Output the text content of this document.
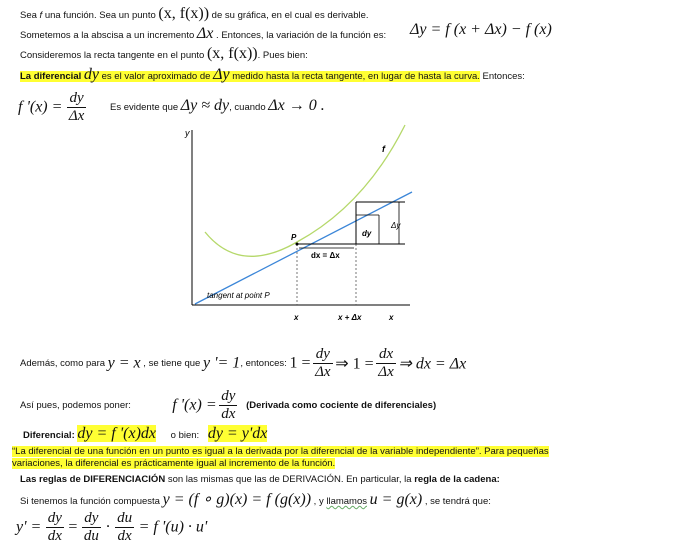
Sea f una función. Sea un punto (x, f(x)) de su gráfica, en el cual es derivable.
Sometemos a la abscisa a un incremento Δx . Entonces, la variación de la función es: Δy = f (x + Δx) − f (x)
Consideremos la recta tangente en el punto (x, f(x)). Pues bien:
La diferencial dy es el valor aproximado de Δy medido hasta la recta tangente, en lugar de hasta la curva. Entonces:
f '$(x) = \frac{dy}{\Delta x}$ Es evidente que Δy ≈ dy, cuando Δx → 0 .
y
f
dx = Δx
dy
Δy
P
tangent at point P
x	x + Δx	x
Además, como para y = x , se tiene que y '= 1, entonces: $1 = \frac{dy}{\Delta x}$ ⇒ $1 = \frac{dx}{\Delta x}$ ⇒ dx = Δx
Así pues, podemos poner:	f '$(x) = \frac{dy}{dx}$ (Derivada como cociente de diferenciales)
Diferencial: dy = f '(x)dx o bien: dy = y'dx
“La diferencial de una función en un punto es igual a la derivada por la diferencial de la variable independiente”. Para pequeñas variaciones, la diferencial es prácticamente igual al incremento de la función.
Las reglas de DIFERENCIACIÓN son las mismas que las de DERIVACIÓN. En particular, la regla de la cadena:
Si tenemos la función compuesta y = (f ∘ g)(x) = f (g(x)) , y llamamos u = g(x) , se tendrá que:
$y' = \frac{dy}{dx} = \frac{dy}{du} \cdot \frac{du}{dx} = f$ '(u) · u'
